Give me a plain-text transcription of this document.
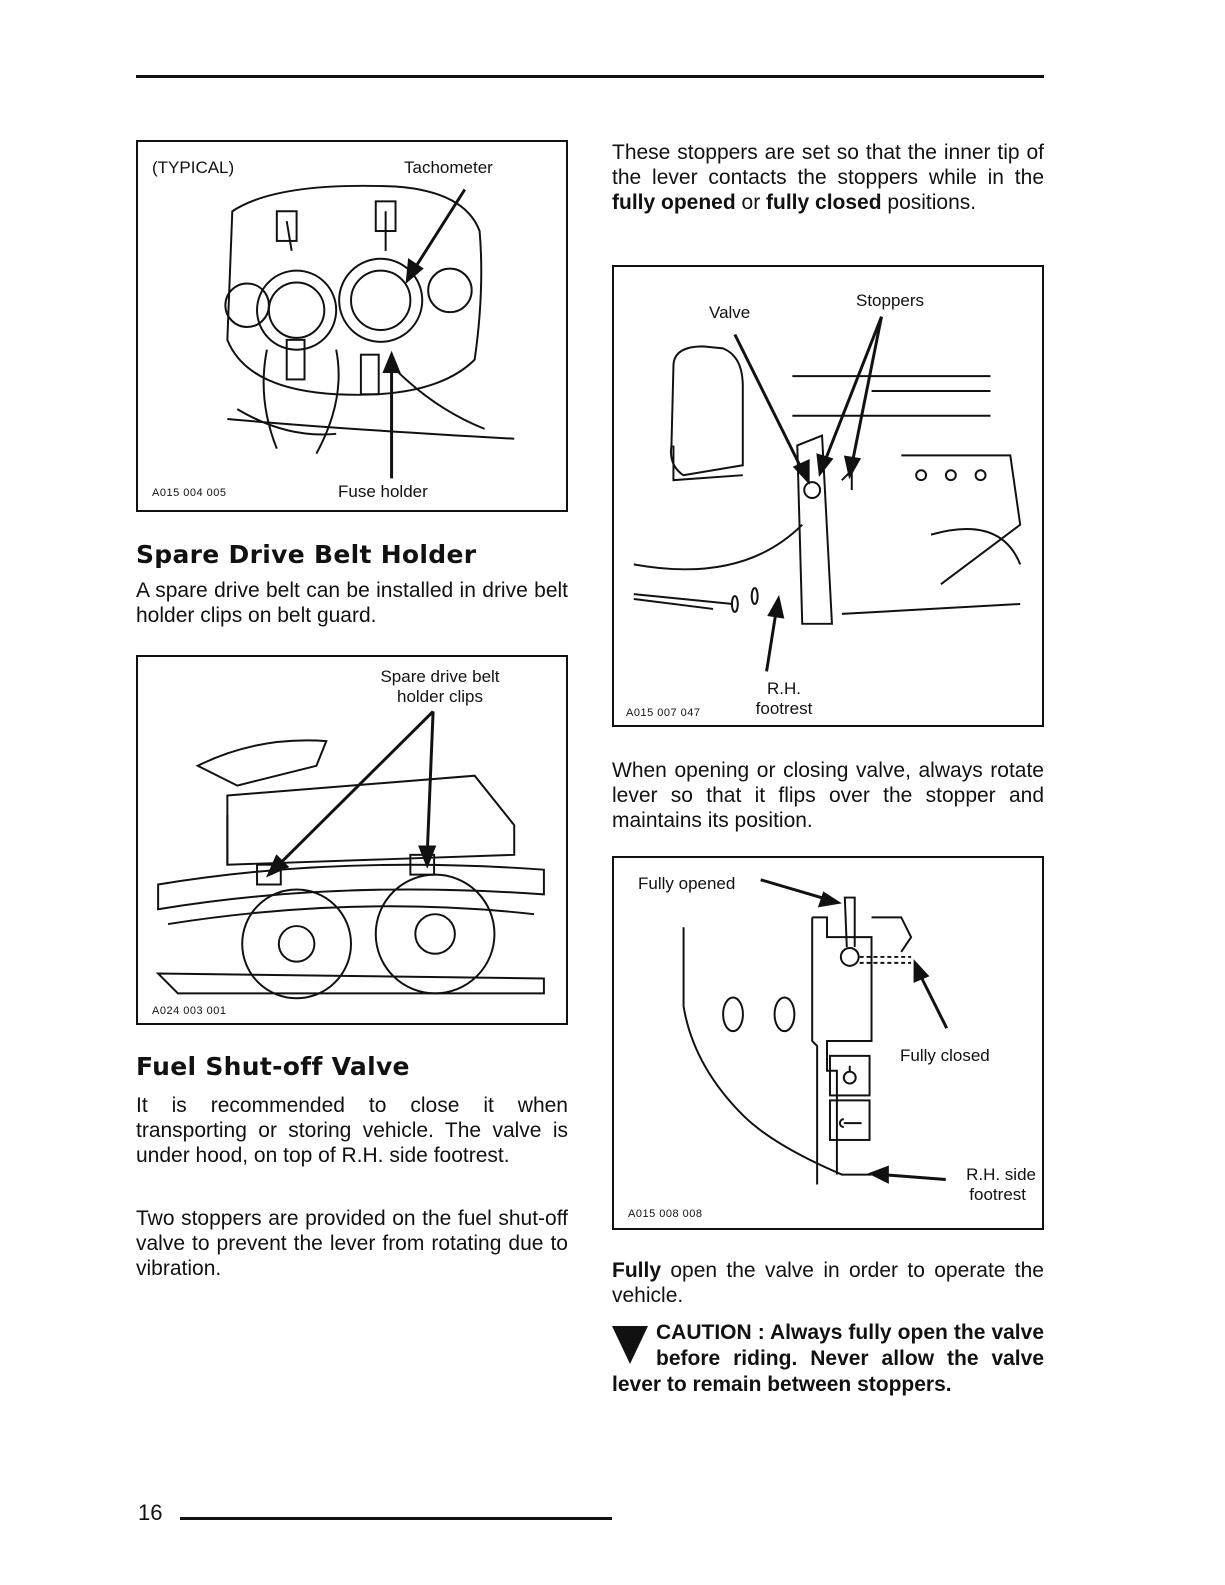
(TYPICAL)	Tachometer
A015 004 005	Fuse holder
Spare Drive Belt Holder

A spare drive belt can be installed in drive belt holder clips on belt guard.

Spare drive belt
holder clips
A024 003 001
Fuel Shut-off Valve

It is recommended to close it when transporting or storing vehicle. The valve is under hood, on top of R.H. side footrest.

Two stoppers are provided on the fuel shut-off valve to prevent the lever from rotating due to vibration.

These stoppers are set so that the inner tip of the lever contacts the stoppers while in the fully opened or fully closed positions.

Valve
Stoppers
R.H.
footrest
A015 007 047

When opening or closing valve, always rotate lever so that it flips over the stopper and maintains its position.

Fully opened
Fully closed
R.H. side
footrest
A015 008 008

Fully open the valve in order to operate the vehicle.

CAUTION : Always fully open the valve before riding. Never allow the valve lever to remain between stoppers.
16
